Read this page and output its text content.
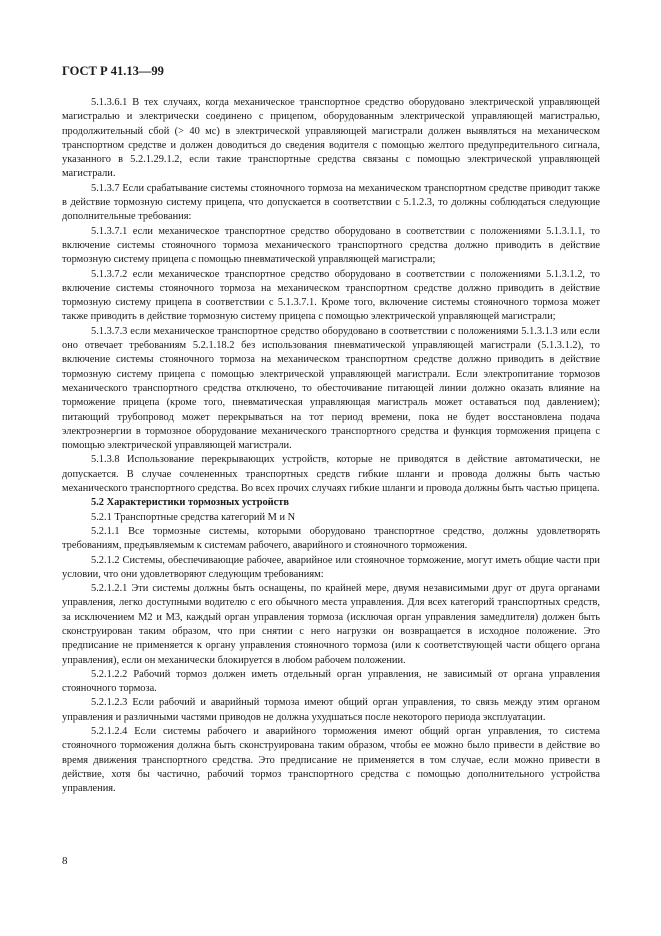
ГОСТ Р 41.13—99

5.1.3.6.1 В тех случаях, когда механическое транспортное средство оборудовано электрической управляющей магистралью и электрически соединено с прицепом, оборудованным электрической управляющей магистралью, продолжительный сбой (> 40 мс) в электрической управляющей магистрали должен выявляться на механическом транспортном средстве и должен доводиться до сведения водителя с помощью желтого предупредительного сигнала, указанного в 5.2.1.29.1.2, если такие транспортные средства связаны с помощью электрической управляющей магистрали.

5.1.3.7 Если срабатывание системы стояночного тормоза на механическом транспортном средстве приводит также в действие тормозную систему прицепа, что допускается в соответствии с 5.1.2.3, то должны соблюдаться следующие дополнительные требования:

5.1.3.7.1 если механическое транспортное средство оборудовано в соответствии с положениями 5.1.3.1.1, то включение системы стояночного тормоза механического транспортного средства должно приводить в действие тормозную систему прицепа с помощью пневматической управляющей магистрали;

5.1.3.7.2 если механическое транспортное средство оборудовано в соответствии с положениями 5.1.3.1.2, то включение системы стояночного тормоза на механическом транспортном средстве должно приводить в действие тормозную систему прицепа в соответствии с 5.1.3.7.1. Кроме того, включение системы стояночного тормоза может также приводить в действие тормозную систему прицепа с помощью электрической управляющей магистрали;

5.1.3.7.3 если механическое транспортное средство оборудовано в соответствии с положениями 5.1.3.1.3 или если оно отвечает требованиям 5.2.1.18.2 без использования пневматической управляющей магистрали (5.1.3.1.2), то включение системы стояночного тормоза на механическом транспортном средстве должно приводить в действие тормозную систему прицепа с помощью электрической управляющей магистрали. Если электропитание тормозов механического транспортного средства отключено, то обесточивание питающей линии должно оказать влияние на торможение прицепа (кроме того, пневматическая управляющая магистраль может оставаться под давлением); питающий трубопровод может перекрываться на тот период времени, пока не будет восстановлена подача электроэнергии в тормозное оборудование механического транспортного средства и функция торможения прицепа с помощью электрической управляющей магистрали.

5.1.3.8 Использование перекрывающих устройств, которые не приводятся в действие автоматически, не допускается. В случае сочлененных транспортных средств гибкие шланги и провода должны быть частью механического транспортного средства. Во всех прочих случаях гибкие шланги и провода должны быть частью прицепа.

5.2 Характеристики тормозных устройств

5.2.1 Транспортные средства категорий M и N

5.2.1.1 Все тормозные системы, которыми оборудовано транспортное средство, должны удовлетворять требованиям, предъявляемым к системам рабочего, аварийного и стояночного торможения.

5.2.1.2 Системы, обеспечивающие рабочее, аварийное или стояночное торможение, могут иметь общие части при условии, что они удовлетворяют следующим требованиям:

5.2.1.2.1 Эти системы должны быть оснащены, по крайней мере, двумя независимыми друг от друга органами управления, легко доступными водителю с его обычного места управления. Для всех категорий транспортных средств, за исключением M2 и M3, каждый орган управления тормоза (исключая орган управления замедлителя) должен быть сконструирован таким образом, что при снятии с него нагрузки он возвращается в исходное положение. Это предписание не применяется к органу управления стояночного тормоза (или к соответствующей части общего органа управления), если он механически блокируется в любом рабочем положении.

5.2.1.2.2 Рабочий тормоз должен иметь отдельный орган управления, не зависимый от органа управления стояночного тормоза.

5.2.1.2.3 Если рабочий и аварийный тормоза имеют общий орган управления, то связь между этим органом управления и различными частями приводов не должна ухудшаться после некоторого периода эксплуатации.

5.2.1.2.4 Если системы рабочего и аварийного торможения имеют общий орган управления, то система стояночного торможения должна быть сконструирована таким образом, чтобы ее можно было привести в действие во время движения транспортного средства. Это предписание не применяется в том случае, если можно привести в действие, хотя бы частично, рабочий тормоз транспортного средства с помощью дополнительного устройства управления.

8
